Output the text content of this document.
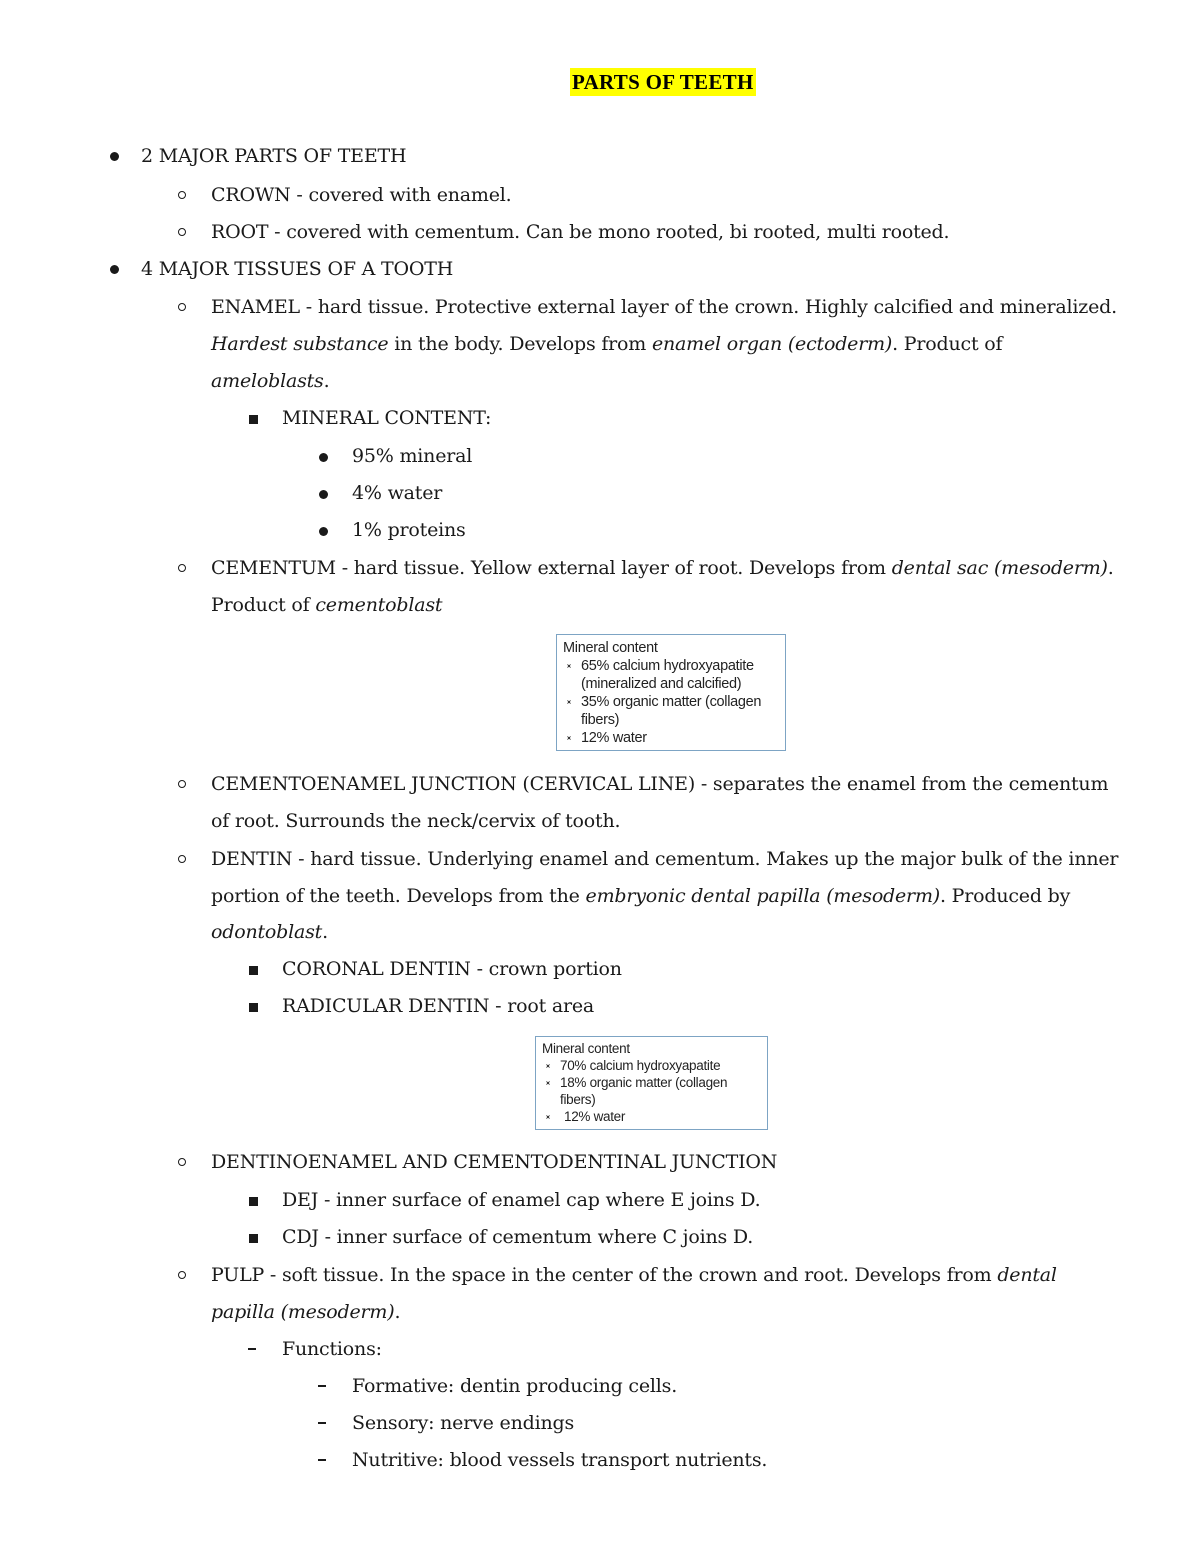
PARTS OF TEETH
2 MAJOR PARTS OF TEETH
CROWN - covered with enamel.
ROOT - covered with cementum. Can be mono rooted, bi rooted, multi rooted.
4 MAJOR TISSUES OF A TOOTH
ENAMEL - hard tissue. Protective external layer of the crown. Highly calcified and mineralized.
Hardest substance in the body. Develops from enamel organ (ectoderm). Product of
ameloblasts.
MINERAL CONTENT:
95% mineral
4% water
1% proteins
CEMENTUM - hard tissue. Yellow external layer of root. Develops from dental sac (mesoderm).
Product of cementoblast
Mineral content
65% calcium hydroxyapatite
(mineralized and calcified)
35% organic matter (collagen
fibers)
12% water
CEMENTOENAMEL JUNCTION (CERVICAL LINE) - separates the enamel from the cementum
of root. Surrounds the neck/cervix of tooth.
DENTIN - hard tissue. Underlying enamel and cementum. Makes up the major bulk of the inner
portion of the teeth. Develops from the embryonic dental papilla (mesoderm). Produced by
odontoblast.
CORONAL DENTIN - crown portion
RADICULAR DENTIN - root area
Mineral content
70% calcium hydroxyapatite
18% organic matter (collagen
fibers)
12% water
DENTINOENAMEL AND CEMENTODENTINAL JUNCTION
DEJ - inner surface of enamel cap where E joins D.
CDJ - inner surface of cementum where C joins D.
PULP - soft tissue. In the space in the center of the crown and root. Develops from dental
papilla (mesoderm).
Functions:
Formative: dentin producing cells.
Sensory: nerve endings
Nutritive: blood vessels transport nutrients.
